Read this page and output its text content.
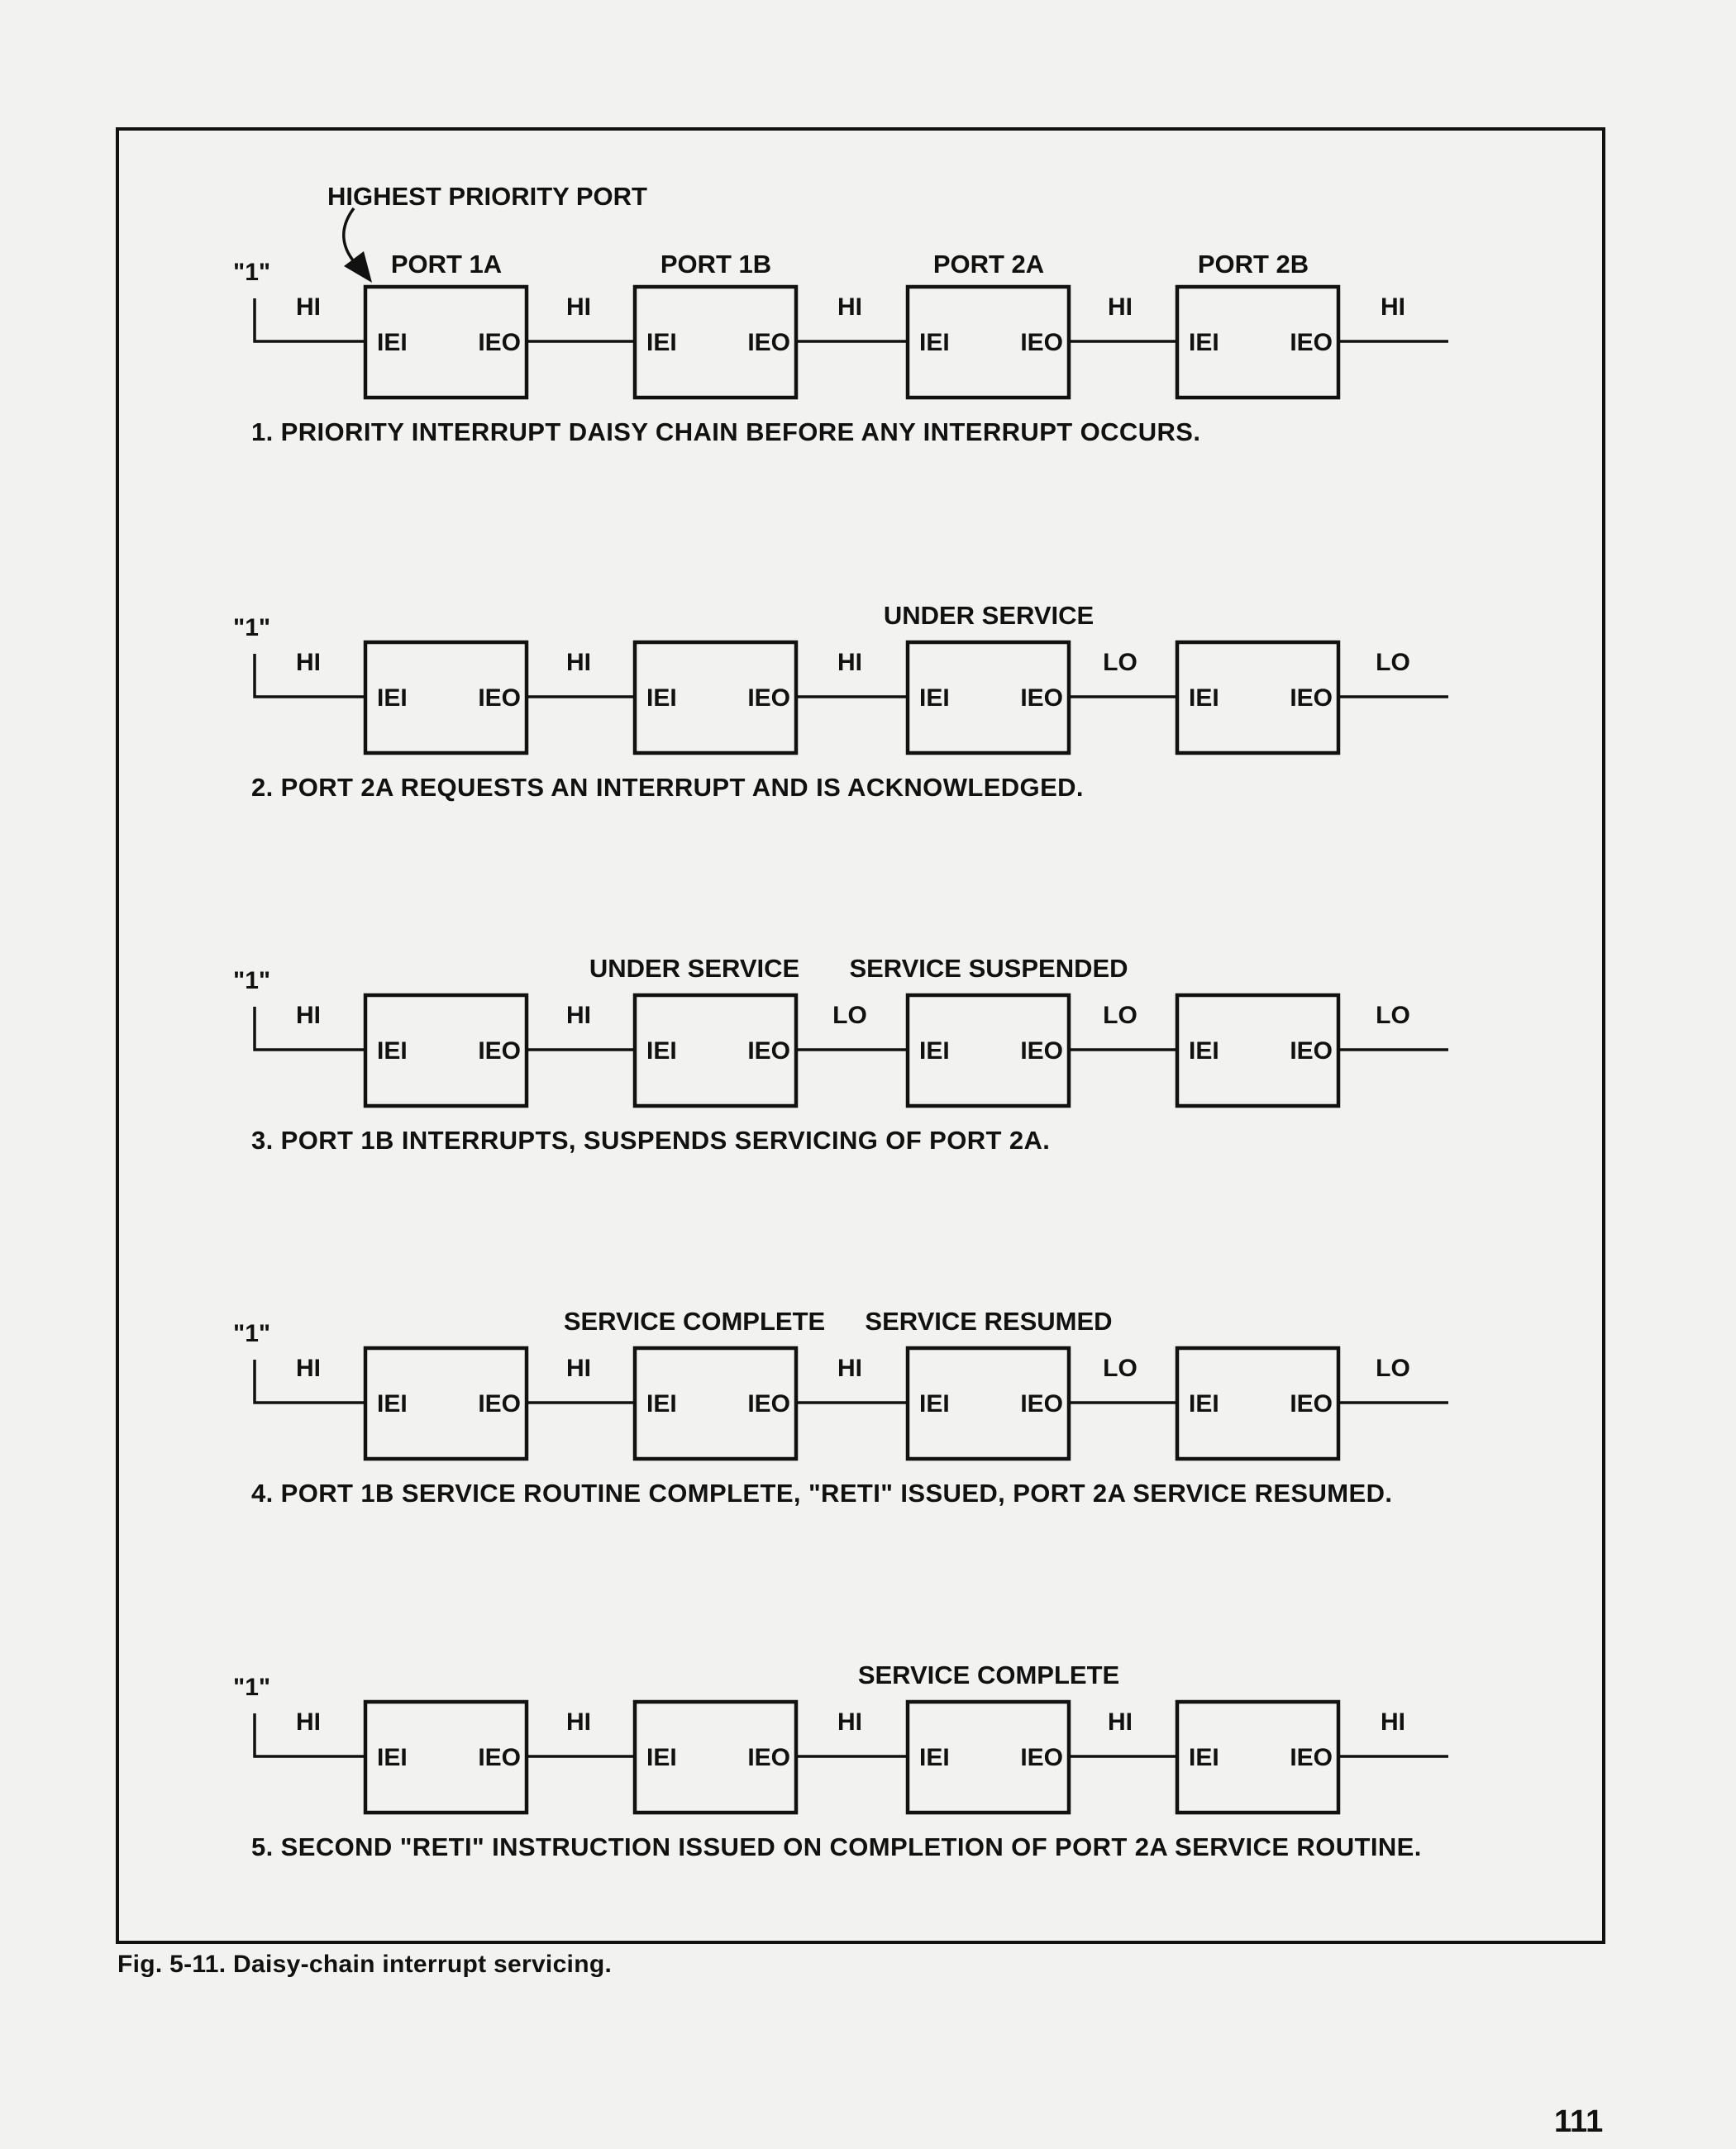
HIGHEST PRIORITY PORT
"1"
IEI	IEO	IEI	IEO	IEI	IEO	IEI	IEO
HI	HI	HI	HI	HI
1. PRIORITY INTERRUPT DAISY CHAIN BEFORE ANY INTERRUPT OCCURS.
"1"
IEI	IEO	IEI	IEO	IEI	IEO	IEI	IEO
HI	HI	HI	LO	LO
UNDER SERVICE
2. PORT 2A REQUESTS AN INTERRUPT AND IS ACKNOWLEDGED.
"1"
IEI	IEO	IEI	IEO	IEI	IEO	IEI	IEO
HI	HI	LO	LO	LO
UNDER SERVICE SERVICE SUSPENDED
3. PORT 1B INTERRUPTS, SUSPENDS SERVICING OF PORT 2A.
"1"
IEI	IEO	IEI	IEO	IEI	IEO	IEI	IEO
HI	HI	HI	LO	LO
SERVICE COMPLETE SERVICE RESUMED
4. PORT 1B SERVICE ROUTINE COMPLETE, "RETI" ISSUED, PORT 2A SERVICE RESUMED.
"1"
IEI	IEO	IEI	IEO	IEI	IEO	IEI	IEO
HI	HI	HI	HI	HI
SERVICE COMPLETE
5. SECOND "RETI" INSTRUCTION ISSUED ON COMPLETION OF PORT 2A SERVICE ROUTINE.
PORT 1A	PORT 1B	PORT 2A	PORT 2B
Fig. 5-11. Daisy-chain interrupt servicing.
111
